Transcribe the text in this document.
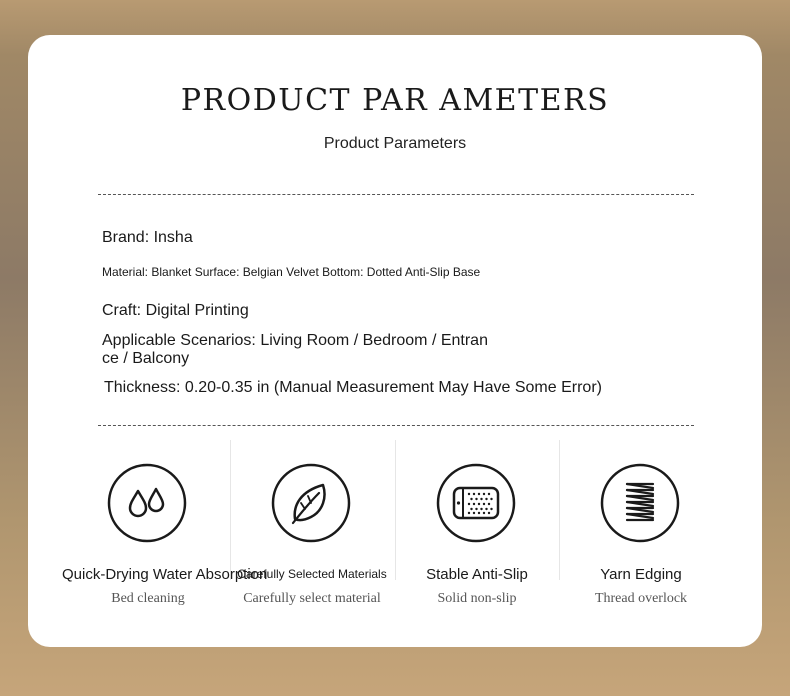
PRODUCT PAR AMETERS
Product Parameters
Brand: Insha
Material: Blanket Surface: Belgian Velvet Bottom: Dotted Anti-Slip Base
Craft: Digital Printing
Applicable Scenarios: Living Room / Bedroom / Entran
ce / Balcony
Thickness: 0.20-0.35 in (Manual Measurement May Have Some Error)
Quick-Drying Water Absorption
Bed cleaning
Carefully Selected Materials
Carefully select material
Stable Anti-Slip
Solid non-slip
Yarn Edging
Thread overlock
